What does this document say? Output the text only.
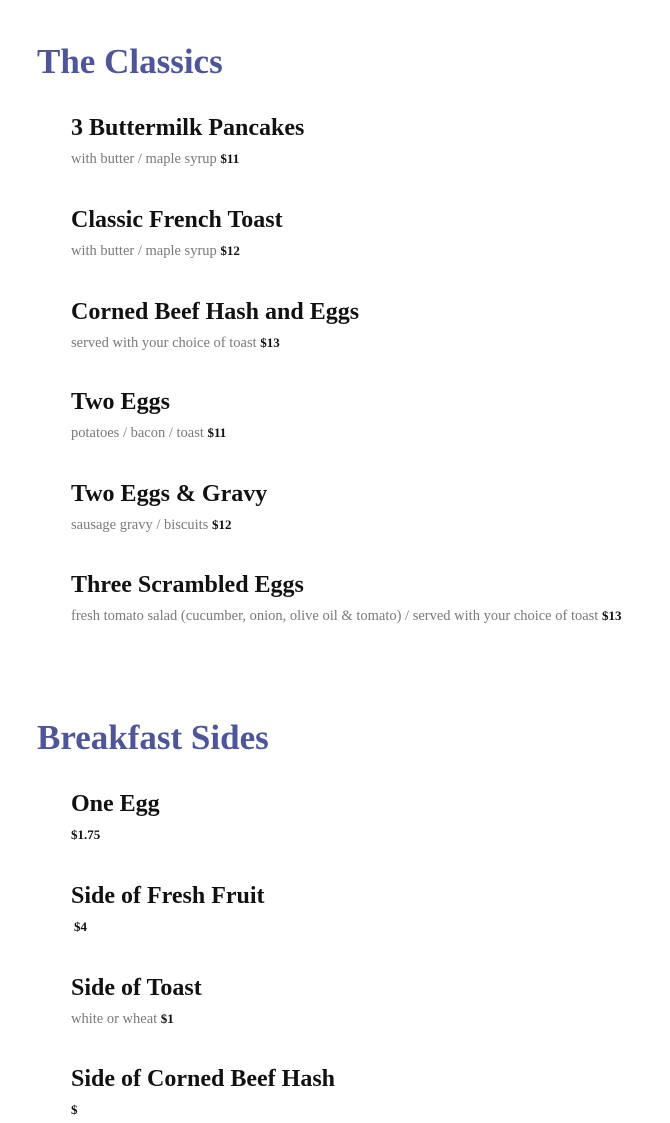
The Classics
3 Buttermilk Pancakes

with butter / maple syrup $11

Classic French Toast

with butter / maple syrup $12

Corned Beef Hash and Eggs

served with your choice of toast $13

Two Eggs

potatoes / bacon / toast $11

Two Eggs & Gravy

sausage gravy / biscuits $12

Three Scrambled Eggs

fresh tomato salad (cucumber, onion, olive oil & tomato) / served with your choice of toast $13

Breakfast Sides
One Egg

$1.75

Side of Fresh Fruit

$4

Side of Toast

white or wheat $1

Side of Corned Beef Hash

$
